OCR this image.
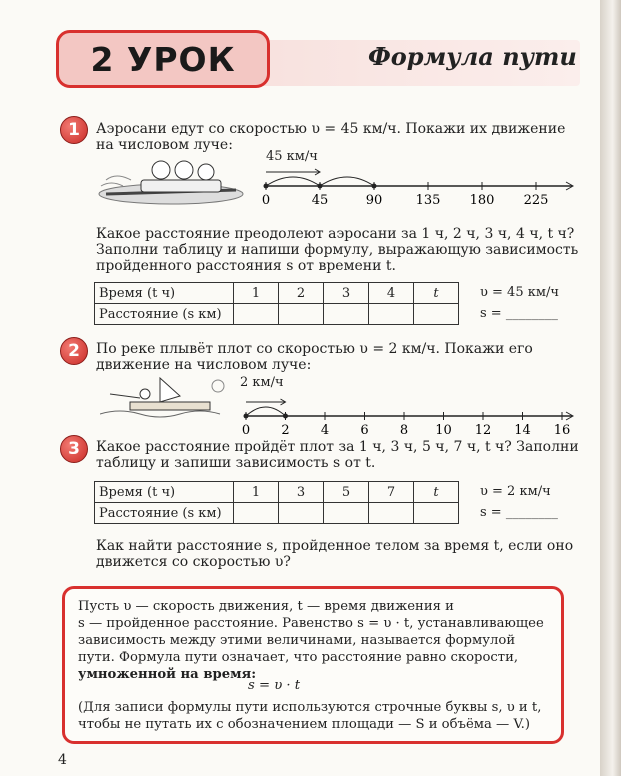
2 УРОК	Формула пути
1	Аэросани едут со скоростью υ = 45 км/ч. Покажи их движение
на числовом луче:
45 км/ч
0	45	90	135 180 225
Какое расстояние преодолеют аэросани за 1 ч, 2 ч, 3 ч, 4 ч, t ч?
Заполни таблицу и напиши формулу, выражающую зависимость
пройденного расстояния s от времени t.
Время (t ч)	1	2	3	4	t
Расстояние (s км)					
υ = 45 км/ч
s = ________
2	По реке плывёт плот со скоростью υ = 2 км/ч. Покажи его
движение на числовом луче:
2 км/ч
0 2 4 6 8 10 12 14 16
3	Какое расстояние пройдёт плот за 1 ч, 3 ч, 5 ч, 7 ч, t ч? Заполни
таблицу и запиши зависимость s от t.
Время (t ч)	1	3	5	7	t
Расстояние (s км)					
υ = 2 км/ч
s = ________
Как найти расстояние s, пройденное телом за время t, если оно
движется со скоростью υ?
Пусть υ — скорость движения, t — время движения и
s — пройденное расстояние. Равенство s = υ · t, устанавливающее
зависимость между этими величинами, называется формулой
пути. Формула пути означает, что расстояние равно скорости,
умноженной на время:
s = υ · t
(Для записи формулы пути используются строчные буквы s, υ и t,
чтобы не путать их с обозначением площади — S и объёма — V.)
4
